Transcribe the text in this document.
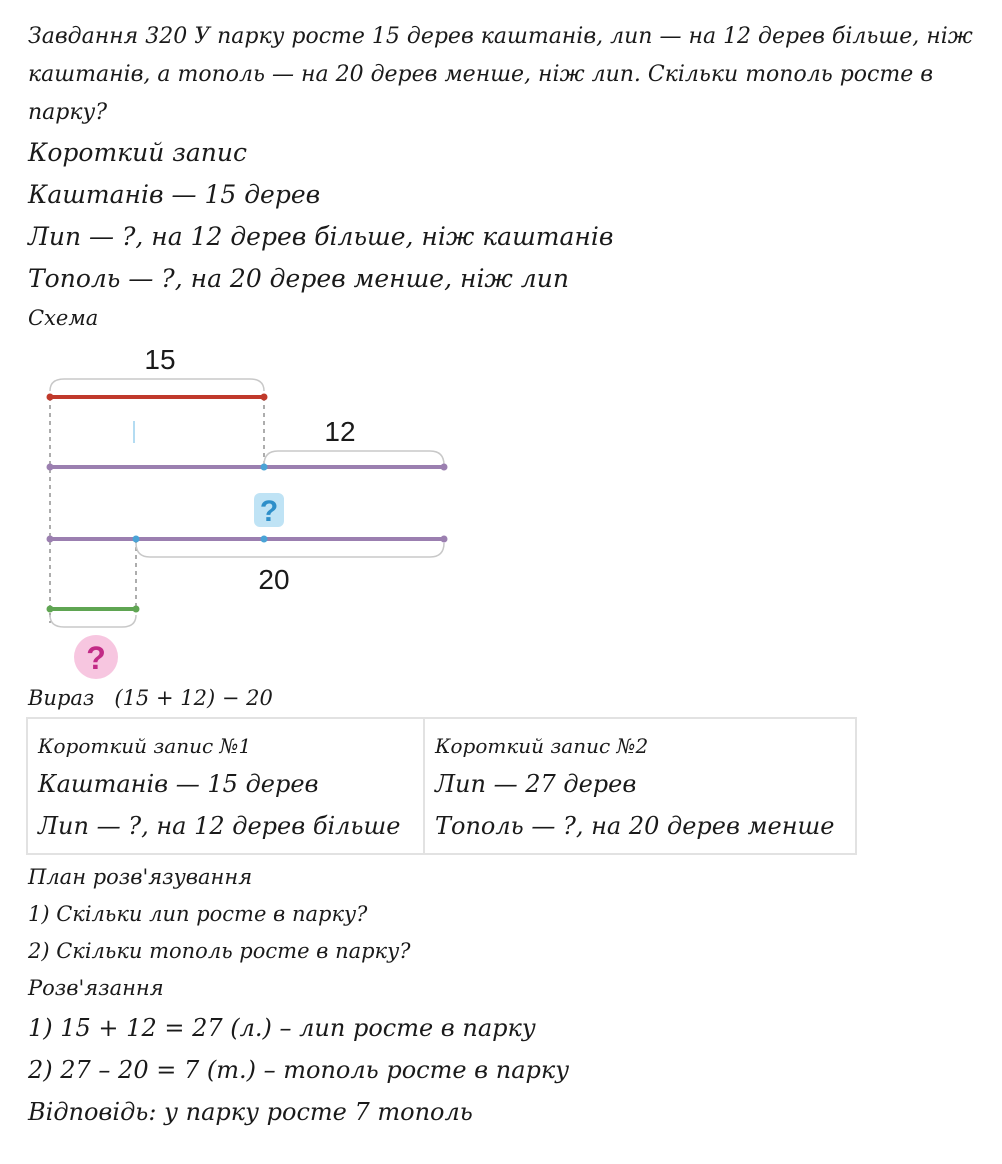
Завдання 320 У парку росте 15 дерев каштанів, лип — на 12 дерев більше, ніж каштанів, а тополь — на 20 дерев менше, ніж лип. Скільки тополь росте в парку?

Короткий запис

Каштанів — 15 дерев

Лип — ?, на 12 дерев більше, ніж каштанів

Тополь — ?, на 20 дерев менше, ніж лип

Схема

15
12
?
20
?

Вираз (15 + 12) − 20

Короткий запис №1
Каштанів — 15 дерев
Лип — ?, на 12 дерев більше

Короткий запис №2
Лип — 27 дерев
Тополь — ?, на 20 дерев менше

План розв'язування

1) Скільки лип росте в парку?

2) Скільки тополь росте в парку?

Розв'язання

1) 15 + 12 = 27 (л.) – лип росте в парку

2) 27 – 20 = 7 (т.) – тополь росте в парку

Відповідь: у парку росте 7 тополь
